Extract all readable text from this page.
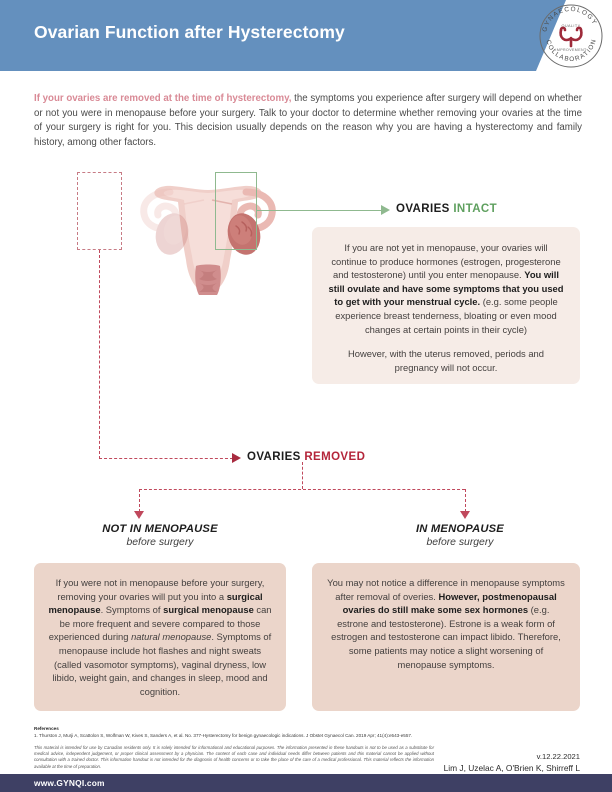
Ovarian Function after Hysterectomy	GYNAECOLOGY
COLLABORATION
QUALITY
IMPROVEMENT
If your ovaries are removed at the time of hysterectomy, the symptoms you experience after surgery will depend on whether or not you were in menopause before your surgery. Talk to your doctor to determine whether removing your ovaries at the time of your surgery is right for you. This decision usually depends on the reason why you are having a hysterectomy and family history, among other factors.
OVARIES INTACT
If you are not yet in menopause, your ovaries will continue to produce hormones (estrogen, progesterone and testosterone) until you enter menopause. You will still ovulate and have some symptoms that you used to get with your menstrual cycle. (e.g. some people experience breast tenderness, bloating or even mood changes at certain points in their cycle)
However, with the uterus removed, periods and pregnancy will not occur.
OVARIES REMOVED
NOT IN MENOPAUSE
before surgery
IN MENOPAUSE
before surgery
If you were not in menopause before your surgery, removing your ovaries will put you into a surgical menopause. Symptoms of surgical menopause can be more frequent and severe compared to those experienced during natural menopause. Symptoms of menopause include hot flashes and night sweats (called vasomotor symptoms), vaginal dryness, low libido, weight gain, and changes in sleep, mood and cognition.
You may not notice a difference in menopause symptoms after removal of overies. However, postmenopausal ovaries do still make some sex hormones (e.g. estrone and testosterone). Estrone is a weak form of estrogen and testosterone can impact libido. Therefore, some patients may notice a slight worsening of menopause symptoms.
References
1. Thurston J, Murji A, Scattolon S, Wolfman W, Kives S, Sanders A, et al. No. 377-Hysterectomy for benign gynaecologic indications. J Obstet Gynaecol Can. 2019 Apr; 41(4):e543-e557.
This material is intended for use by Canadian residents only. It is solely intended for informational and educational purposes. The information presented in these handouts is not to be used as a substitute for medical advice, independent judgement, or proper clinical assessment by a physician. The content of each case and individual needs differ between patients and this material cannot be applied without consultation with a trained doctor. This information handout is not intended for the diagnosis of health concerns or to take the place of the care of a medical professional. This material reflects the information available at the time of preparation.
v.12.22.2021
Lim J, Uzelac A, O'Brien K, Shirreff L
www.GYNQI.com
